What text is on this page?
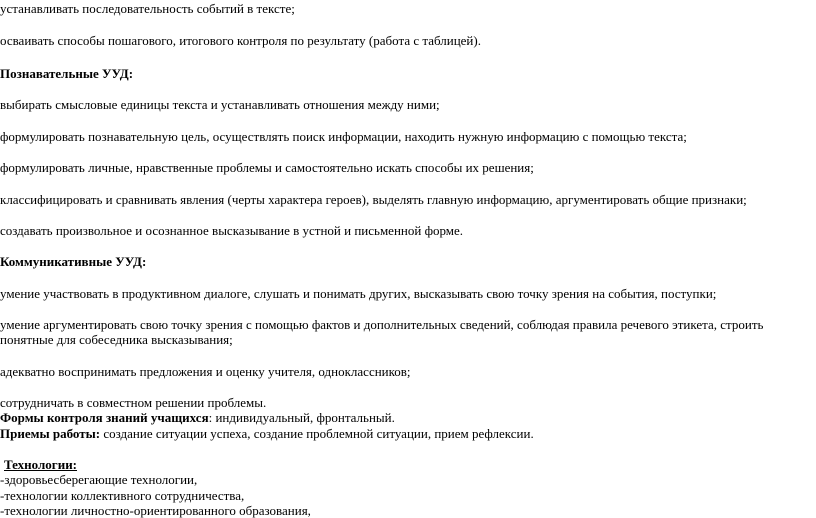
устанавливать последовательность событий в тексте;
осваивать способы пошагового, итогового контроля по результату (работа с таблицей).
Познавательные УУД:
выбирать смысловые единицы текста и устанавливать отношения между ними;
формулировать познавательную цель, осуществлять поиск информации, находить нужную информацию с помощью текста;
формулировать личные, нравственные проблемы и самостоятельно искать способы их решения;
классифицировать и сравнивать явления (черты характера героев), выделять главную информацию, аргументировать общие признаки;
создавать произвольное и осознанное высказывание в устной и письменной форме.
Коммуникативные УУД:
умение участвовать в продуктивном диалоге, слушать и понимать других, высказывать свою точку зрения на события, поступки;
умение аргументировать свою точку зрения с помощью фактов и дополнительных сведений, соблюдая правила речевого этикета, строить понятные для собеседника высказывания;
адекватно воспринимать предложения и оценку учителя, одноклассников;
сотрудничать в совместном решении проблемы.
Формы контроля знаний учащихся: индивидуальный, фронтальный.
Приемы работы: создание ситуации успеха, создание проблемной ситуации, прием рефлексии.
Технологии:
-здоровьесберегающие технологии,
-технологии коллективного сотрудничества,
-технологии личностно-ориентированного образования,
